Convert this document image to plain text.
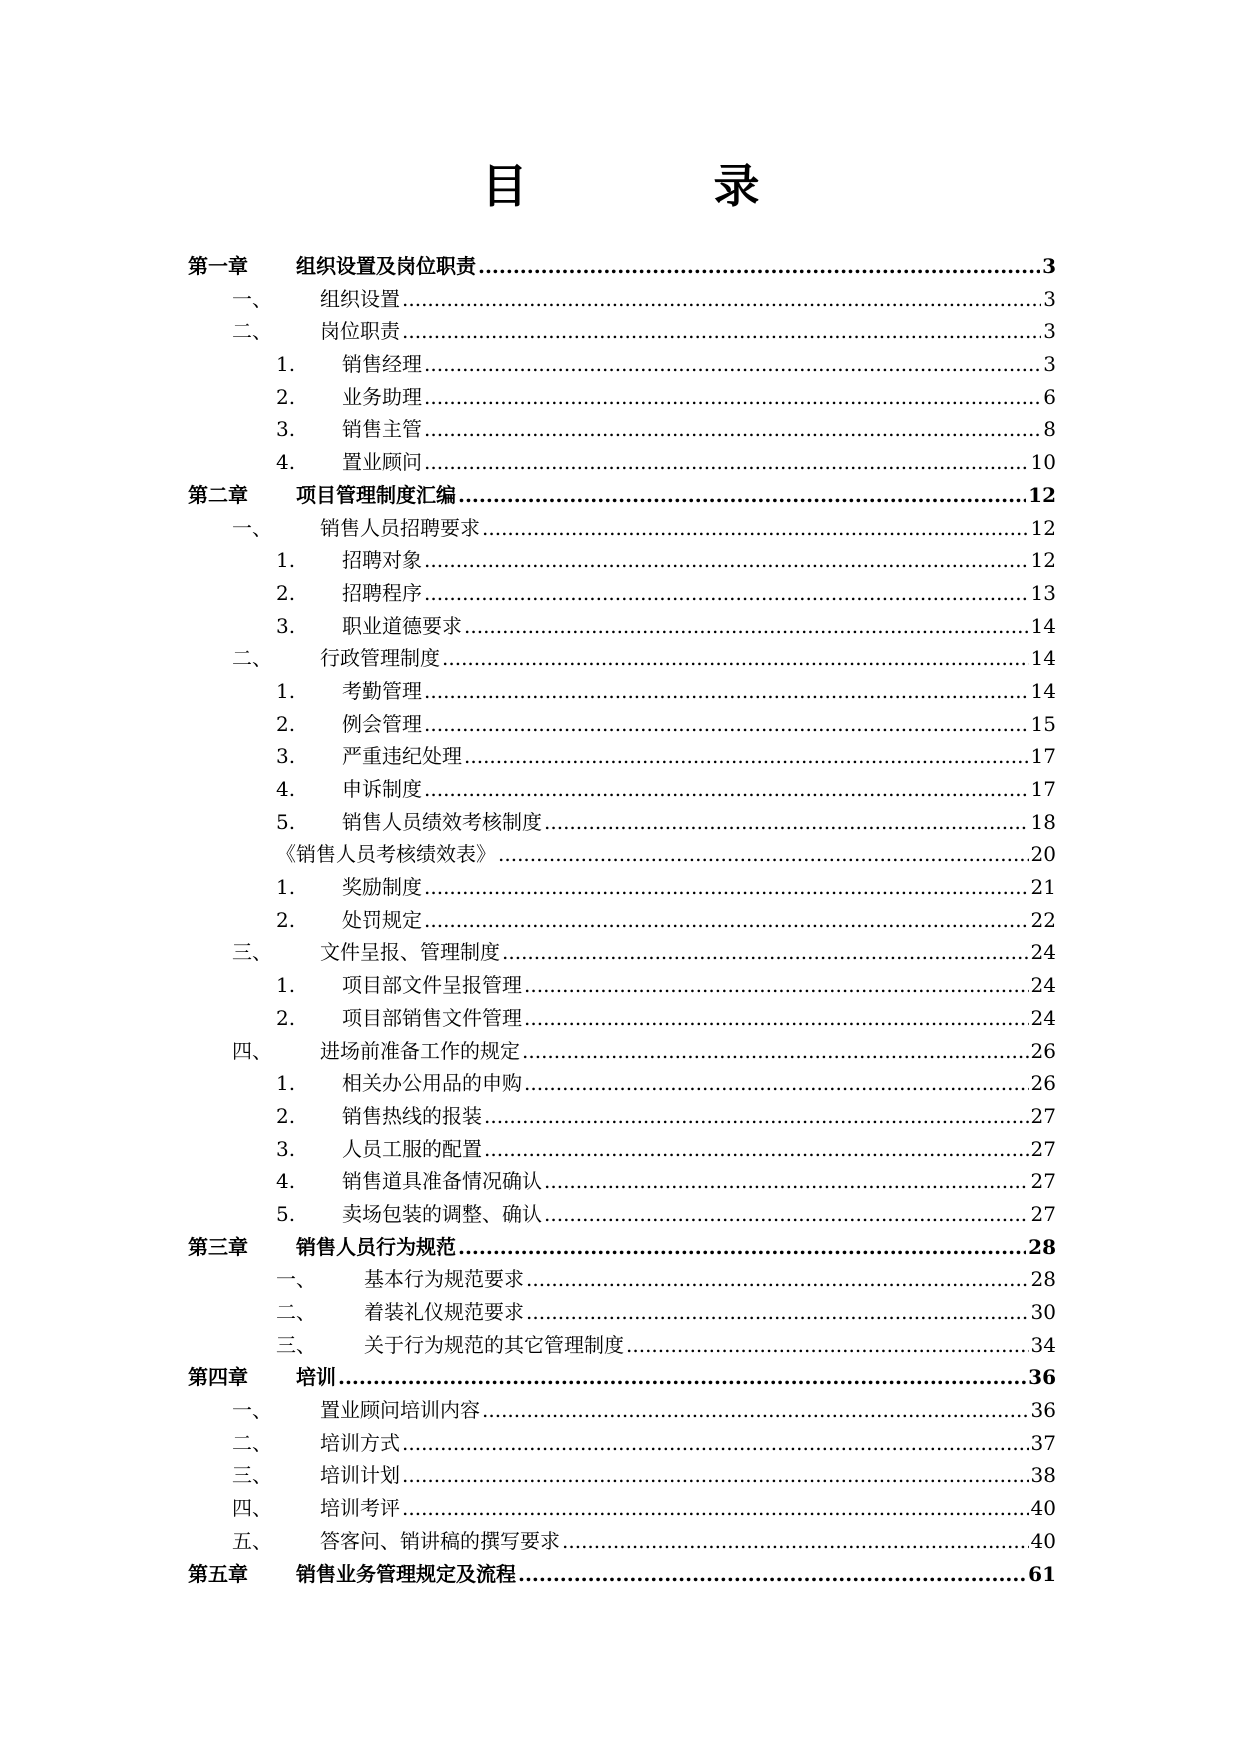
目　录
第一章	组织设置及岗位职责 .....	3
一、	组织设置 .....	3
二、	岗位职责 .....	3
1.	销售经理 .....	3
2.	业务助理 .....	6
3.	销售主管 .....	8
4.	置业顾问 .....	10
第二章	项目管理制度汇编 .....	12
一、	销售人员招聘要求 .....	12
1.	招聘对象 .....	12
2.	招聘程序 .....	13
3.	职业道德要求 .....	14
二、	行政管理制度 .....	14
1.	考勤管理 .....	14
2.	例会管理 .....	15
3.	严重违纪处理 .....	17
4.	申诉制度 .....	17
5.	销售人员绩效考核制度 .....	18
《销售人员考核绩效表》 .....	20
1.	奖励制度 .....	21
2.	处罚规定 .....	22
三、	文件呈报、管理制度 .....	24
1.	项目部文件呈报管理 .....	24
2.	项目部销售文件管理 .....	24
四、	进场前准备工作的规定 .....	26
1.	相关办公用品的申购 .....	26
2.	销售热线的报装 .....	27
3.	人员工服的配置 .....	27
4.	销售道具准备情况确认 .....	27
5.	卖场包装的调整、确认 .....	27
第三章	销售人员行为规范 .....	28
一、	基本行为规范要求 .....	28
二、	着装礼仪规范要求 .....	30
三、	关于行为规范的其它管理制度 .....	34
第四章	培训 .....	36
一、	置业顾问培训内容 .....	36
二、	培训方式 .....	37
三、	培训计划 .....	38
四、	培训考评 .....	40
五、	答客问、销讲稿的撰写要求 .....	40
第五章	销售业务管理规定及流程 .....	61
